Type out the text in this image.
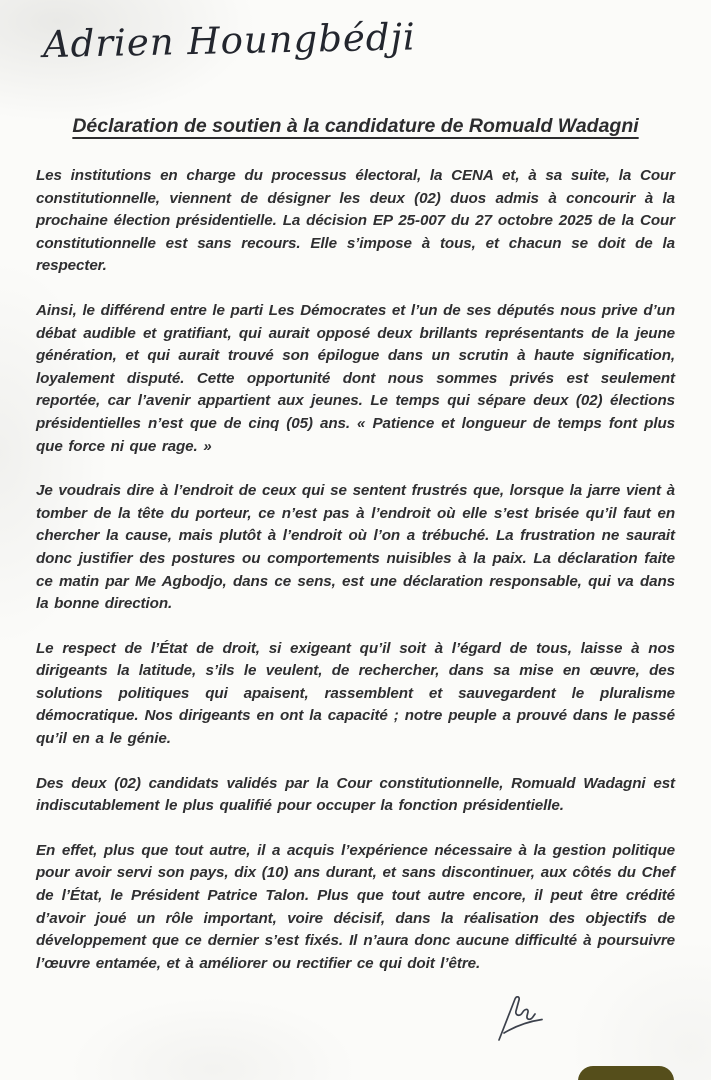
Adrien Houngbédji
Déclaration de soutien à la candidature de Romuald Wadagni

Les institutions en charge du processus électoral, la CENA et, à sa suite, la Cour constitutionnelle, viennent de désigner les deux (02) duos admis à concourir à la prochaine élection présidentielle. La décision EP 25-007 du 27 octobre 2025 de la Cour constitutionnelle est sans recours. Elle s’impose à tous, et chacun se doit de la respecter.

Ainsi, le différend entre le parti Les Démocrates et l’un de ses députés nous prive d’un débat audible et gratifiant, qui aurait opposé deux brillants représentants de la jeune génération, et qui aurait trouvé son épilogue dans un scrutin à haute signification, loyalement disputé. Cette opportunité dont nous sommes privés est seulement reportée, car l’avenir appartient aux jeunes. Le temps qui sépare deux (02) élections présidentielles n’est que de cinq (05) ans. « Patience et longueur de temps font plus que force ni que rage. »

Je voudrais dire à l’endroit de ceux qui se sentent frustrés que, lorsque la jarre vient à tomber de la tête du porteur, ce n’est pas à l’endroit où elle s’est brisée qu’il faut en chercher la cause, mais plutôt à l’endroit où l’on a trébuché. La frustration ne saurait donc justifier des postures ou comportements nuisibles à la paix. La déclaration faite ce matin par Me Agbodjo, dans ce sens, est une déclaration responsable, qui va dans la bonne direction.

Le respect de l’État de droit, si exigeant qu’il soit à l’égard de tous, laisse à nos dirigeants la latitude, s’ils le veulent, de rechercher, dans sa mise en œuvre, des solutions politiques qui apaisent, rassemblent et sauvegardent le pluralisme démocratique. Nos dirigeants en ont la capacité ; notre peuple a prouvé dans le passé qu’il en a le génie.

Des deux (02) candidats validés par la Cour constitutionnelle, Romuald Wadagni est indiscutablement le plus qualifié pour occuper la fonction présidentielle.

En effet, plus que tout autre, il a acquis l’expérience nécessaire à la gestion politique pour avoir servi son pays, dix (10) ans durant, et sans discontinuer, aux côtés du Chef de l’État, le Président Patrice Talon. Plus que tout autre encore, il peut être crédité d’avoir joué un rôle important, voire décisif, dans la réalisation des objectifs de développement que ce dernier s’est fixés. Il n’aura donc aucune difficulté à poursuivre l’œuvre entamée, et à améliorer ou rectifier ce qui doit l’être.
